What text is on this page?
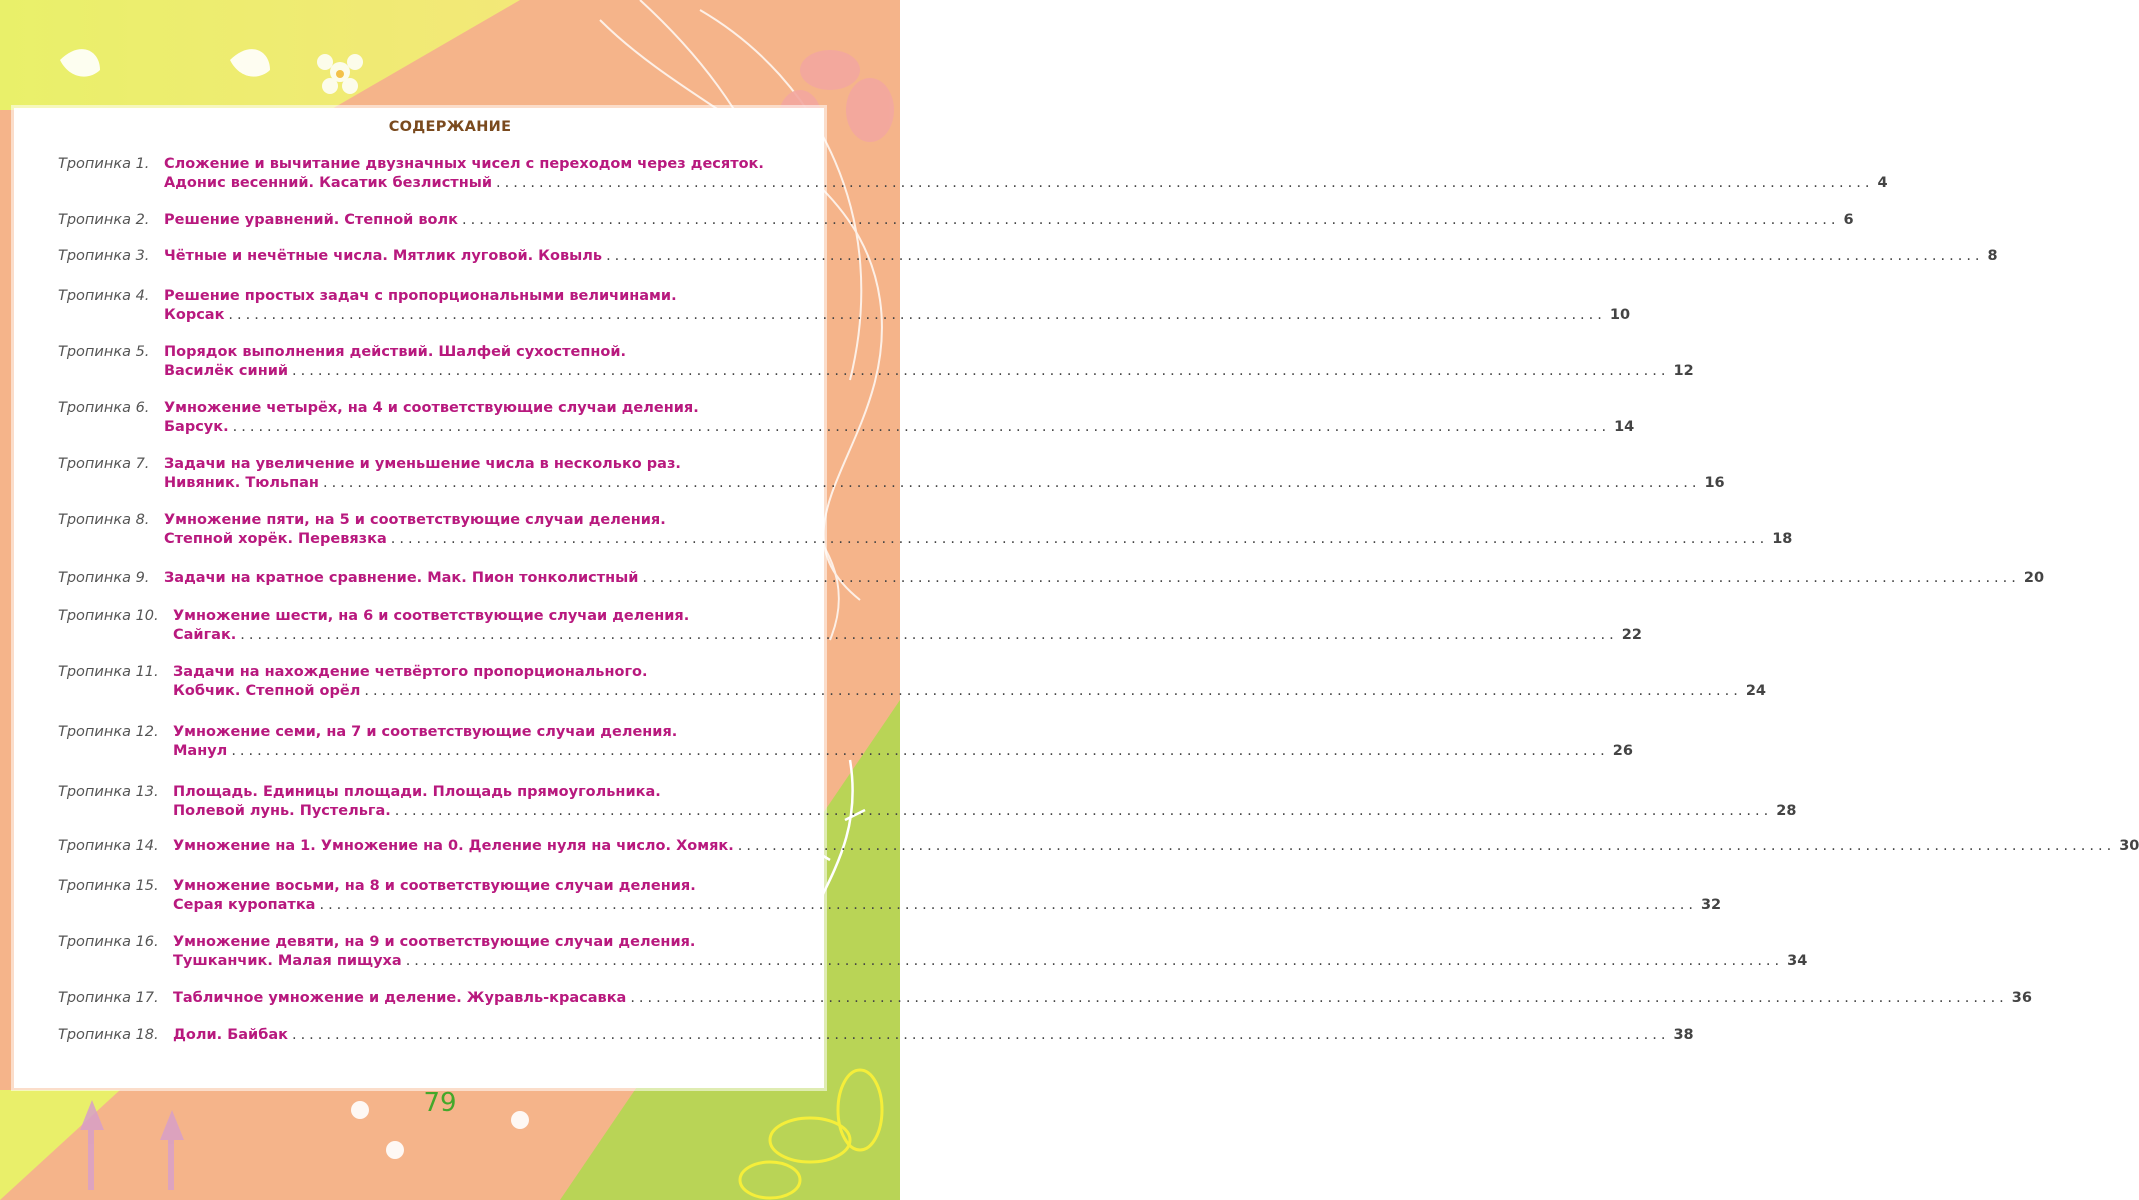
СОДЕРЖАНИЕ
Тропинка 1. Сложение и вычитание двузначных чисел с переходом через десяток.
Адонис весенний. Касатик безлистный ................................................................................................................................................................ 4
Тропинка 2. Решение уравнений. Степной волк ................................................................................................................................................................ 6
Тропинка 3. Чётные и нечётные числа. Мятлик луговой. Ковыль ................................................................................................................................................................ 8
Тропинка 4. Решение простых задач с пропорциональными величинами.
Корсак ................................................................................................................................................................ 10
Тропинка 5. Порядок выполнения действий. Шалфей сухостепной.
Василёк синий ................................................................................................................................................................ 12
Тропинка 6. Умножение четырёх, на 4 и соответствующие случаи деления.
Барсук. ................................................................................................................................................................ 14
Тропинка 7. Задачи на увеличение и уменьшение числа в несколько раз.
Нивяник. Тюльпан ................................................................................................................................................................ 16
Тропинка 8. Умножение пяти, на 5 и соответствующие случаи деления.
Степной хорёк. Перевязка ................................................................................................................................................................ 18
Тропинка 9. Задачи на кратное сравнение. Мак. Пион тонколистный ................................................................................................................................................................ 20
Тропинка 10. Умножение шести, на 6 и соответствующие случаи деления.
Сайгак. ................................................................................................................................................................ 22
Тропинка 11. Задачи на нахождение четвёртого пропорционального.
Кобчик. Степной орёл ................................................................................................................................................................ 24
Тропинка 12. Умножение семи, на 7 и соответствующие случаи деления.
Манул ................................................................................................................................................................ 26
Тропинка 13. Площадь. Единицы площади. Площадь прямоугольника.
Полевой лунь. Пустельга. ................................................................................................................................................................ 28
Тропинка 14. Умножение на 1. Умножение на 0. Деление нуля на число. Хомяк. ................................................................................................................................................................ 30
Тропинка 15. Умножение восьми, на 8 и соответствующие случаи деления.
Серая куропатка ................................................................................................................................................................ 32
Тропинка 16. Умножение девяти, на 9 и соответствующие случаи деления.
Тушканчик. Малая пищуха ................................................................................................................................................................ 34
Тропинка 17. Табличное умножение и деление. Журавль-красавка ................................................................................................................................................................ 36
Тропинка 18. Доли. Байбак ................................................................................................................................................................ 38
79
